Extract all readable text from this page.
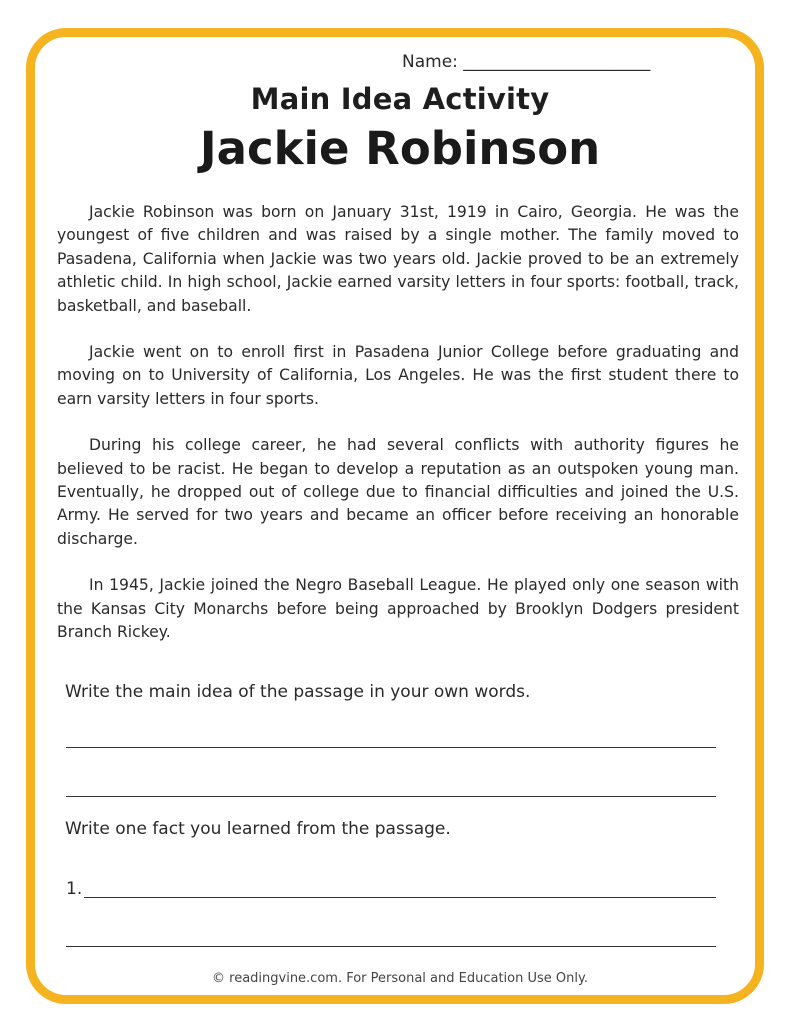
Name: ______________________
Main Idea Activity
Jackie Robinson

Jackie Robinson was born on January 31st, 1919 in Cairo, Georgia. He was the youngest of five children and was raised by a single mother. The family moved to Pasadena, California when Jackie was two years old. Jackie proved to be an extremely athletic child. In high school, Jackie earned varsity letters in four sports: football, track, basketball, and baseball.

Jackie went on to enroll first in Pasadena Junior College before graduating and moving on to University of California, Los Angeles. He was the first student there to earn varsity letters in four sports.

During his college career, he had several conflicts with authority figures he believed to be racist. He began to develop a reputation as an outspoken young man. Eventually, he dropped out of college due to financial difficulties and joined the U.S. Army. He served for two years and became an officer before receiving an honorable discharge.

In 1945, Jackie joined the Negro Baseball League. He played only one season with the Kansas City Monarchs before being approached by Brooklyn Dodgers president Branch Rickey.

Write the main idea of the passage in your own words.
Write one fact you learned from the passage.
1.
© readingvine.com. For Personal and Education Use Only.
